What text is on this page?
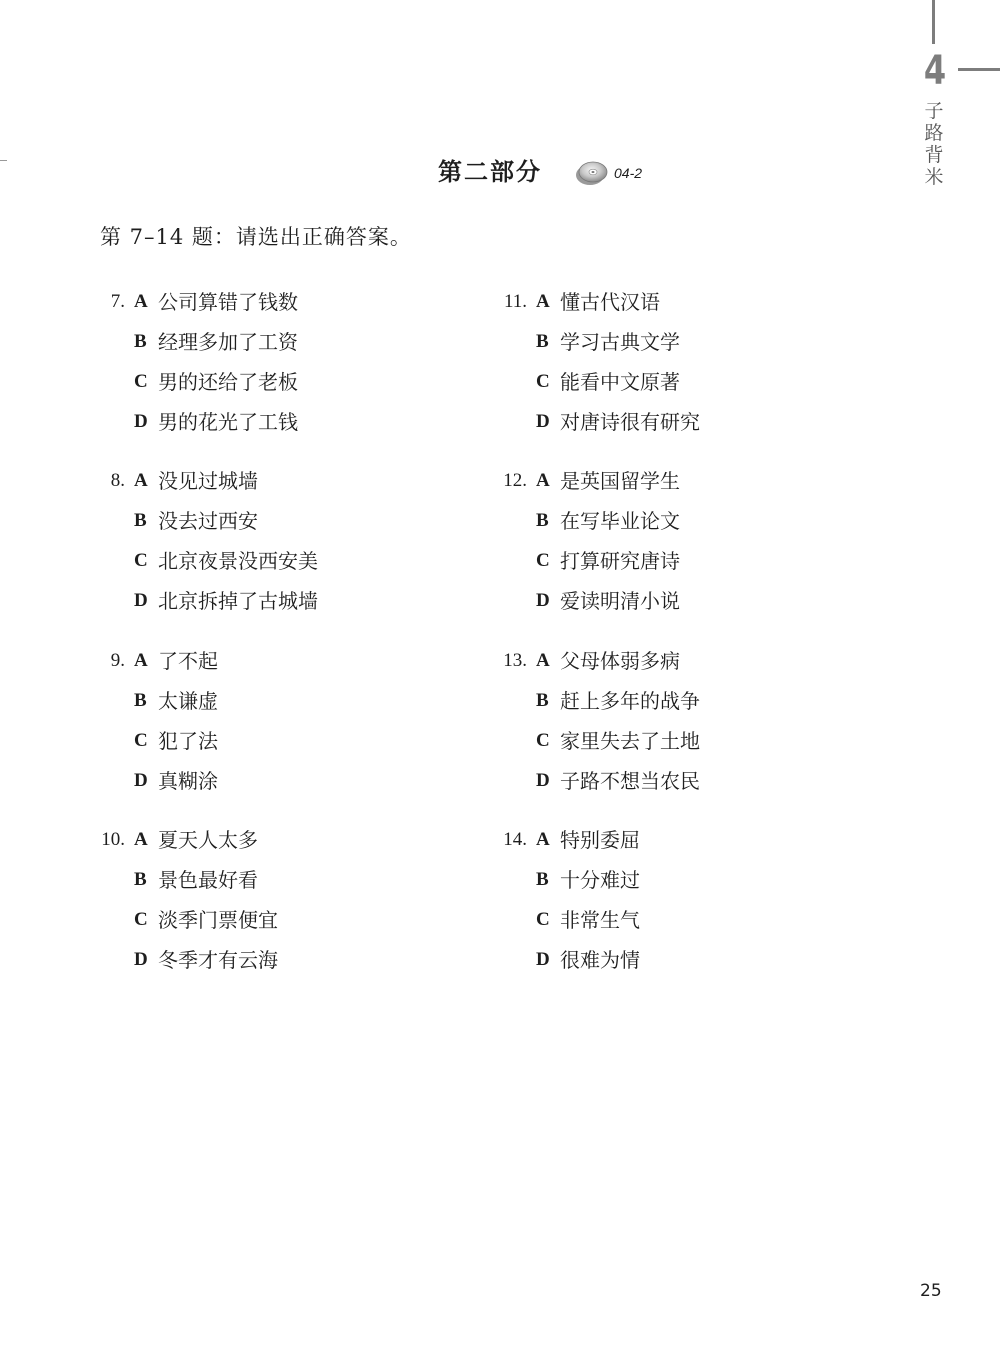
4
子路背米
第二部分	04-2
第 7–14 题：请选出正确答案。
7. A 公司算错了钱数
B 经理多加了工资
C 男的还给了老板
D 男的花光了工钱
8. A 没见过城墙
B 没去过西安
C 北京夜景没西安美
D 北京拆掉了古城墙
9. A 了不起
B 太谦虚
C 犯了法
D 真糊涂
10. A 夏天人太多
B 景色最好看
C 淡季门票便宜
D 冬季才有云海
11. A 懂古代汉语
B 学习古典文学
C 能看中文原著
D 对唐诗很有研究
12. A 是英国留学生
B 在写毕业论文
C 打算研究唐诗
D 爱读明清小说
13. A 父母体弱多病
B 赶上多年的战争
C 家里失去了土地
D 子路不想当农民
14. A 特别委屈
B 十分难过
C 非常生气
D 很难为情
25
